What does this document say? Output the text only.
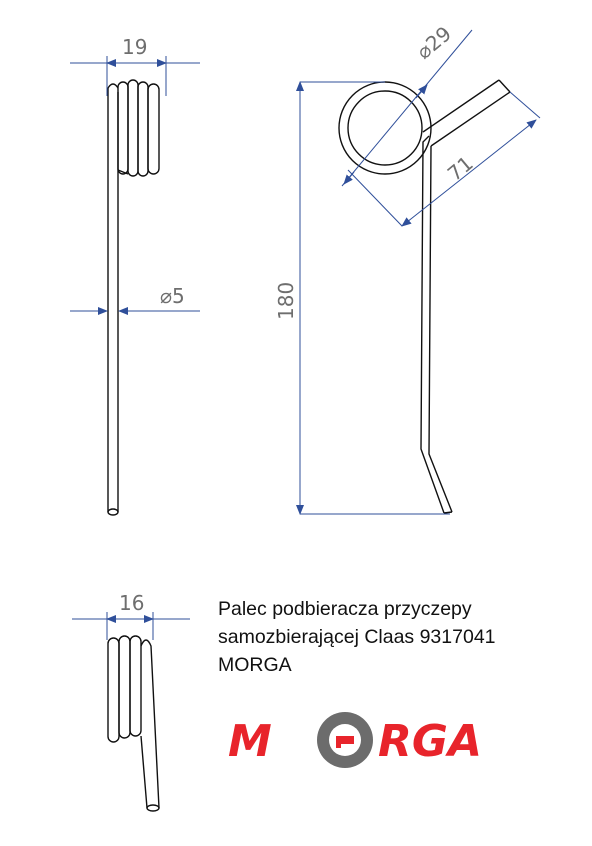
19
⌀5	180
⌀29
71
16
M RGA
Palec podbieracza przyczepy
samozbierającej Claas 9317041
MORGA
